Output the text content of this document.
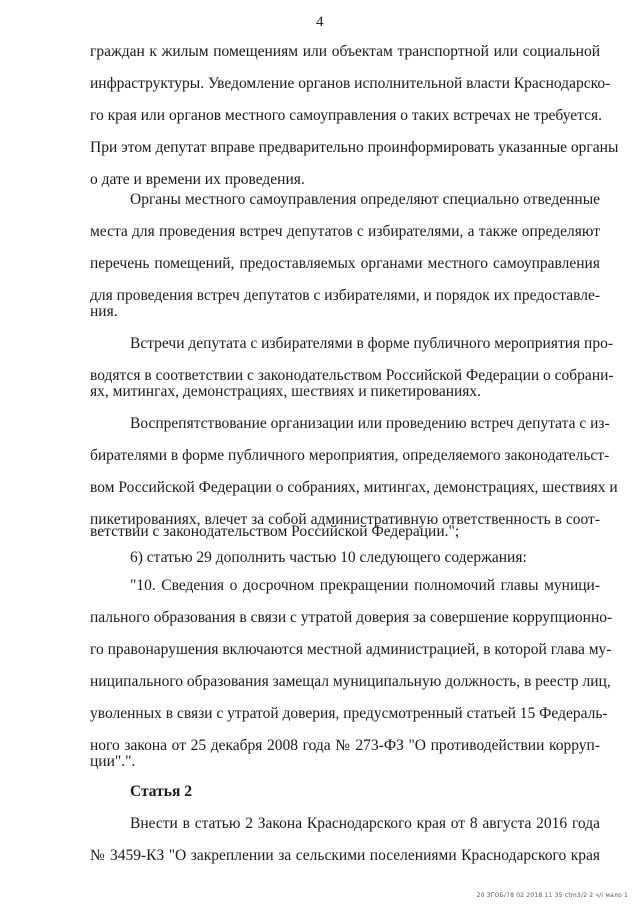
4
граждан к жилым помещениям или объектам транспортной или социальной
инфраструктуры. Уведомление органов исполнительной власти Краснодарско-
го края или органов местного самоуправления о таких встречах не требуется.
При этом депутат вправе предварительно проинформировать указанные органы
о дате и времени их проведения.
Органы местного самоуправления определяют специально отведенные
места для проведения встреч депутатов с избирателями, а также определяют
перечень помещений, предоставляемых органами местного самоуправления
для проведения встреч депутатов с избирателями, и порядок их предоставле-
ния.
Встречи депутата с избирателями в форме публичного мероприятия про-
водятся в соответствии с законодательством Российской Федерации о собрани-
ях, митингах, демонстрациях, шествиях и пикетированиях.
Воспрепятствование организации или проведению встреч депутата с из-
бирателями в форме публичного мероприятия, определяемого законодательст-
вом Российской Федерации о собраниях, митингах, демонстрациях, шествиях и
пикетированиях, влечет за собой административную ответственность в соот-
ветствии с законодательством Российской Федерации.";
6) статью 29 дополнить частью 10 следующего содержания:
"10. Сведения о досрочном прекращении полномочий главы муници-
пального образования в связи с утратой доверия за совершение коррупционно-
го правонарушения включаются местной администрацией, в которой глава му-
ниципального образования замещал муниципальную должность, в реестр лиц,
уволенных в связи с утратой доверия, предусмотренный статьей 15 Федераль-
ного закона от 25 декабря 2008 года № 273-ФЗ "О противодействии корруп-
ции".".
Статья 2
Внести в статью 2 Закона Краснодарского края от 8 августа 2016 года
№ 3459-КЗ "О закреплении за сельскими поселениями Краснодарского края
20 ЗГОБ/78 02 2018 11 35 ctm3/2 2 ч/i мало 1
